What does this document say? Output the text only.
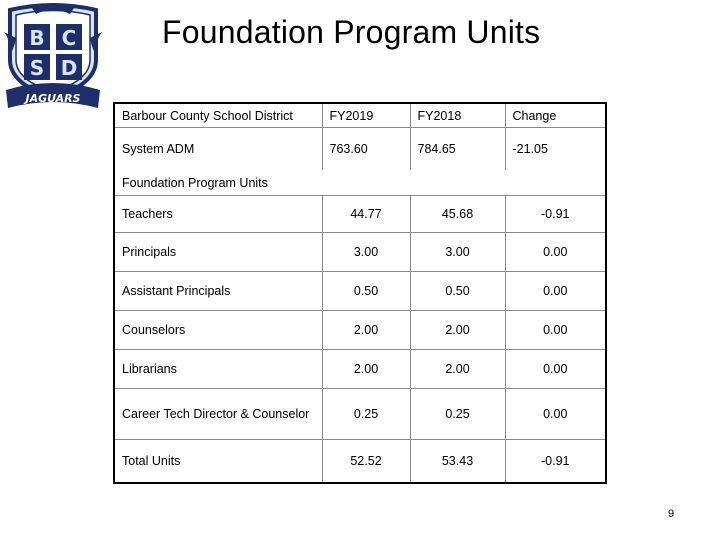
B C
S D
JAGUARS
Foundation Program Units
Barbour County School District	FY2019	FY2018	Change
System ADM	763.60	784.65	-21.05
Foundation Program Units			
Teachers	44.77	45.68	-0.91
Principals	3.00	3.00	0.00
Assistant Principals	0.50	0.50	0.00
Counselors	2.00	2.00	0.00
Librarians	2.00	2.00	0.00
Career Tech Director & Counselor	0.25	0.25	0.00
Total Units	52.52	53.43	-0.91
9
